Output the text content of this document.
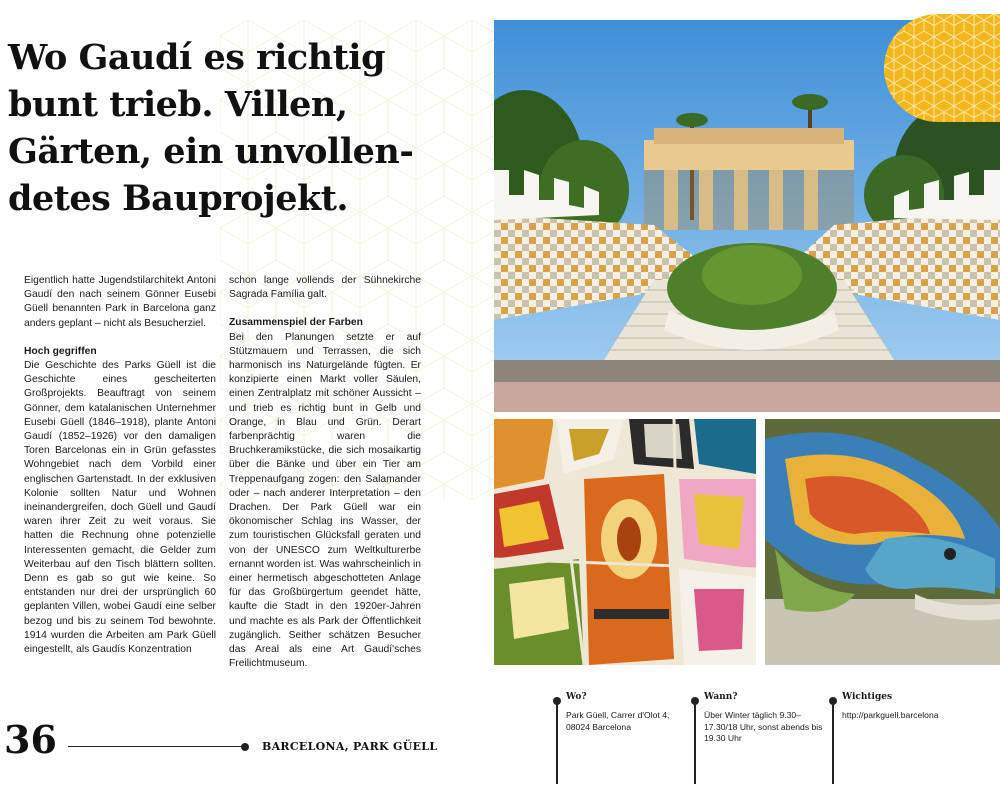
Wo Gaudí es richtig
bunt trieb. Villen,
Gärten, ein unvollen-
detes Bauprojekt.

Eigentlich hatte Jugendstilarchitekt Antoni Gaudí den nach seinem Gönner Eusebi Güell benannten Park in Barcelona ganz anders geplant – nicht als Besucherziel.

Hoch gegriffen

Die Geschichte des Parks Güell ist die Geschichte eines gescheiterten Großprojekts. Beauftragt von seinem Gönner, dem katalanischen Unternehmer Eusebi Güell (1846–1918), plante Antoni Gaudí (1852–1926) vor den damaligen Toren Barcelonas ein in Grün gefasstes Wohngebiet nach dem Vorbild einer englischen Gartenstadt. In der exklusiven Kolonie sollten Natur und Wohnen ineinandergreifen, doch Güell und Gaudí waren ihrer Zeit zu weit voraus. Sie hatten die Rechnung ohne potenzielle Interessenten gemacht, die Gelder zum Weiterbau auf den Tisch blättern sollten. Denn es gab so gut wie keine. So entstanden nur drei der ursprünglich 60 geplanten Villen, wobei Gaudí eine selber bezog und bis zu seinem Tod bewohnte. 1914 wurden die Arbeiten am Park Güell eingestellt, als Gaudís Konzentration

schon lange vollends der Sühnekirche Sagrada Família galt.

Zusammenspiel der Farben

Bei den Planungen setzte er auf Stützmauern und Terrassen, die sich harmonisch ins Naturgelände fügten. Er konzipierte einen Markt voller Säulen, einen Zentralplatz mit schöner Aussicht – und trieb es richtig bunt in Gelb und Orange, in Blau und Grün. Derart farbenprächtig waren die Bruchkeramikstücke, die sich mosaikartig über die Bänke und über ein Tier am Treppenaufgang zogen: den Salamander oder – nach anderer Interpretation – den Drachen. Der Park Güell war ein ökonomischer Schlag ins Wasser, der zum touristischen Glücksfall geraten und von der UNESCO zum Weltkulturerbe ernannt worden ist. Was wahrscheinlich in einer hermetisch abgeschotteten Anlage für das Großbürgertum geendet hätte, kaufte die Stadt in den 1920er-Jahren und machte es als Park der Öffentlichkeit zugänglich. Seither schätzen Besucher das Areal als eine Art Gaudí'sches Freilichtmuseum.

Wo?
Park Güell, Carrer d'Olot 4, 08024 Barcelona
Wann?
Über Winter täglich 9.30–17.30/18 Uhr, sonst abends bis 19.30 Uhr
Wichtiges
http://parkguell.barcelona
36	BARCELONA, PARK GÜELL
